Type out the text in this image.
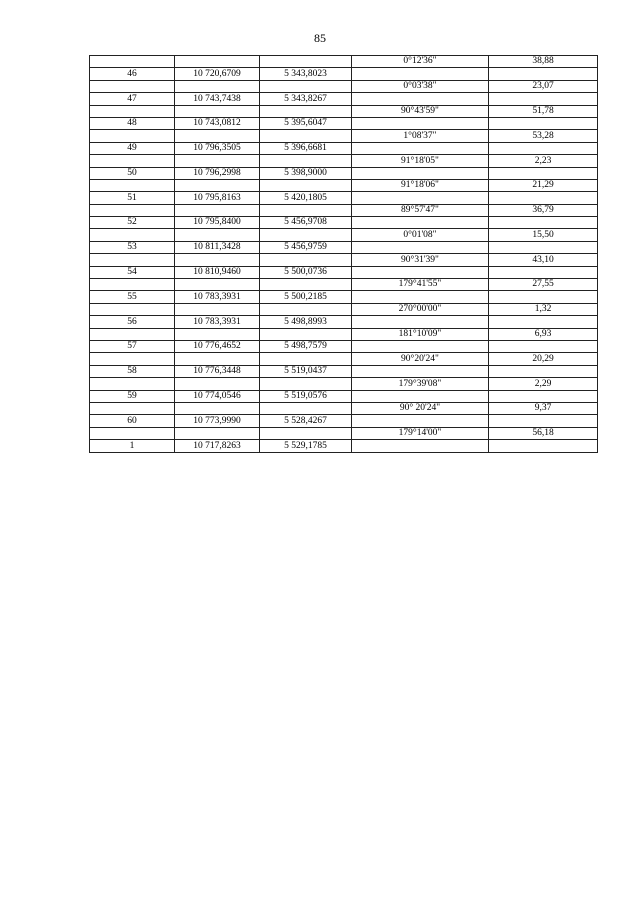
85
			0°12'36"	38,88
46	10 720,6709	5 343,8023		
			0°03'38"	23,07
47	10 743,7438	5 343,8267		
			90°43'59"	51,78
48	10 743,0812	5 395,6047		
			1°08'37"	53,28
49	10 796,3505	5 396,6681		
			91°18'05"	2,23
50	10 796,2998	5 398,9000		
			91°18'06"	21,29
51	10 795,8163	5 420,1805		
			89°57'47"	36,79
52	10 795,8400	5 456,9708		
			0°01'08"	15,50
53	10 811,3428	5 456,9759		
			90°31'39"	43,10
54	10 810,9460	5 500,0736		
			179°41'55"	27,55
55	10 783,3931	5 500,2185		
			270°00'00"	1,32
56	10 783,3931	5 498,8993		
			181°10'09"	6,93
57	10 776,4652	5 498,7579		
			90°20'24"	20,29
58	10 776,3448	5 519,0437		
			179°39'08"	2,29
59	10 774,0546	5 519,0576		
			90° 20'24"	9,37
60	10 773,9990	5 528,4267		
			179°14'00"	56,18
1	10 717,8263	5 529,1785		
